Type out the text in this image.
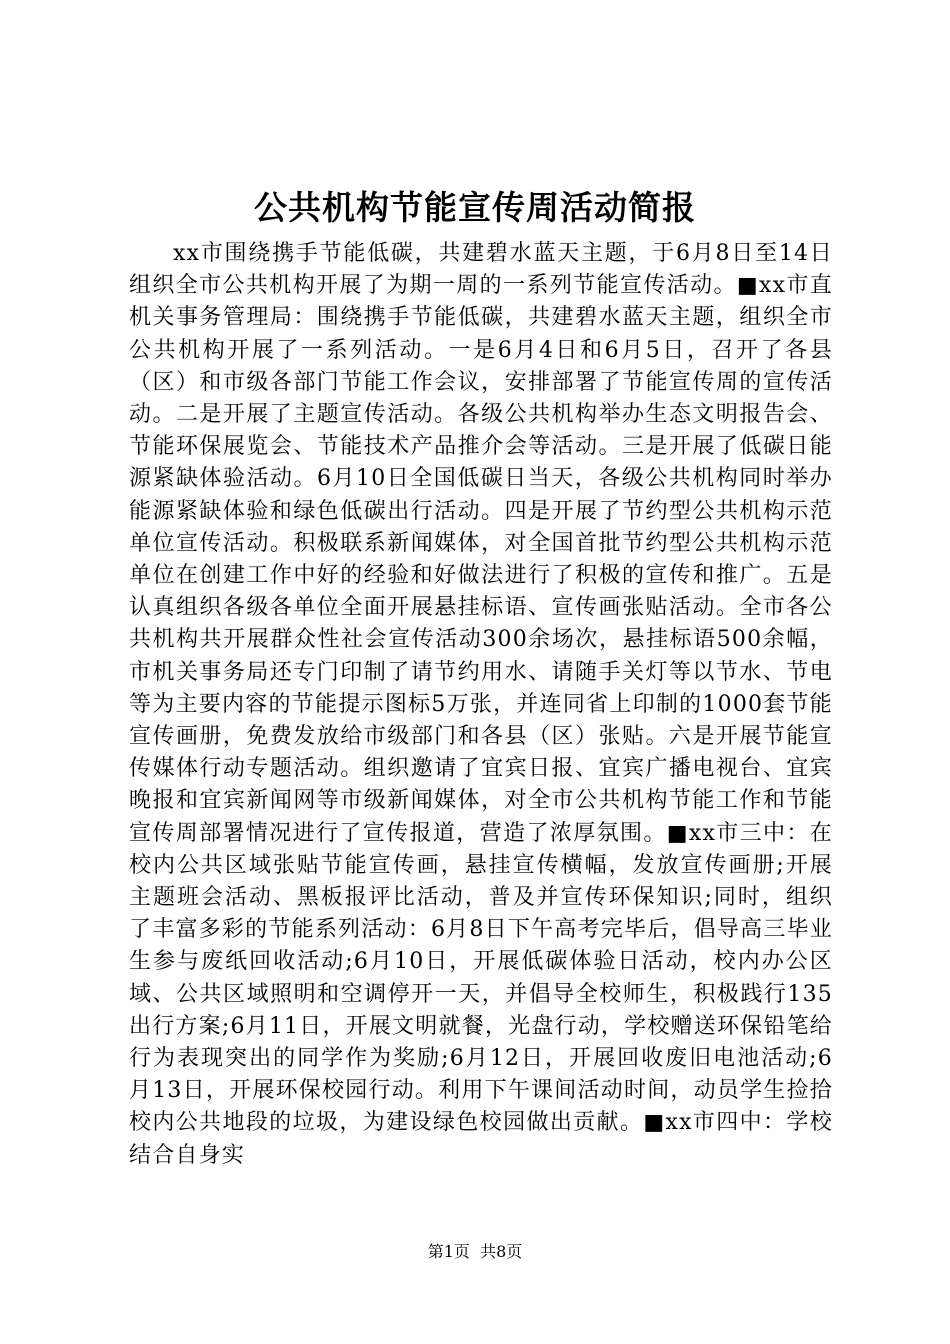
公共机构节能宣传周活动简报

xx市围绕携手节能低碳，共建碧水蓝天主题，于6月8日至14日组织全市公共机构开展了为期一周的一系列节能宣传活动。■xx市直机关事务管理局：围绕携手节能低碳，共建碧水蓝天主题，组织全市公共机构开展了一系列活动。一是6月4日和6月5日，召开了各县（区）和市级各部门节能工作会议，安排部署了节能宣传周的宣传活动。二是开展了主题宣传活动。各级公共机构举办生态文明报告会、节能环保展览会、节能技术产品推介会等活动。三是开展了低碳日能源紧缺体验活动。6月10日全国低碳日当天，各级公共机构同时举办能源紧缺体验和绿色低碳出行活动。四是开展了节约型公共机构示范单位宣传活动。积极联系新闻媒体，对全国首批节约型公共机构示范单位在创建工作中好的经验和好做法进行了积极的宣传和推广。五是认真组织各级各单位全面开展悬挂标语、宣传画张贴活动。全市各公共机构共开展群众性社会宣传活动300余场次，悬挂标语500余幅，市机关事务局还专门印制了请节约用水、请随手关灯等以节水、节电等为主要内容的节能提示图标5万张，并连同省上印制的1000套节能宣传画册，免费发放给市级部门和各县（区）张贴。六是开展节能宣传媒体行动专题活动。组织邀请了宜宾日报、宜宾广播电视台、宜宾晚报和宜宾新闻网等市级新闻媒体，对全市公共机构节能工作和节能宣传周部署情况进行了宣传报道，营造了浓厚氛围。■xx市三中：在校内公共区域张贴节能宣传画，悬挂宣传横幅，发放宣传画册;开展主题班会活动、黑板报评比活动，普及并宣传环保知识;同时，组织了丰富多彩的节能系列活动：6月8日下午高考完毕后，倡导高三毕业生参与废纸回收活动;6月10日，开展低碳体验日活动，校内办公区域、公共区域照明和空调停开一天，并倡导全校师生，积极践行135出行方案;6月11日，开展文明就餐，光盘行动，学校赠送环保铅笔给行为表现突出的同学作为奖励;6月12日，开展回收废旧电池活动;6月13日，开展环保校园行动。利用下午课间活动时间，动员学生捡拾校内公共地段的垃圾，为建设绿色校园做出贡献。■xx市四中：学校结合自身实

第1页 共8页
